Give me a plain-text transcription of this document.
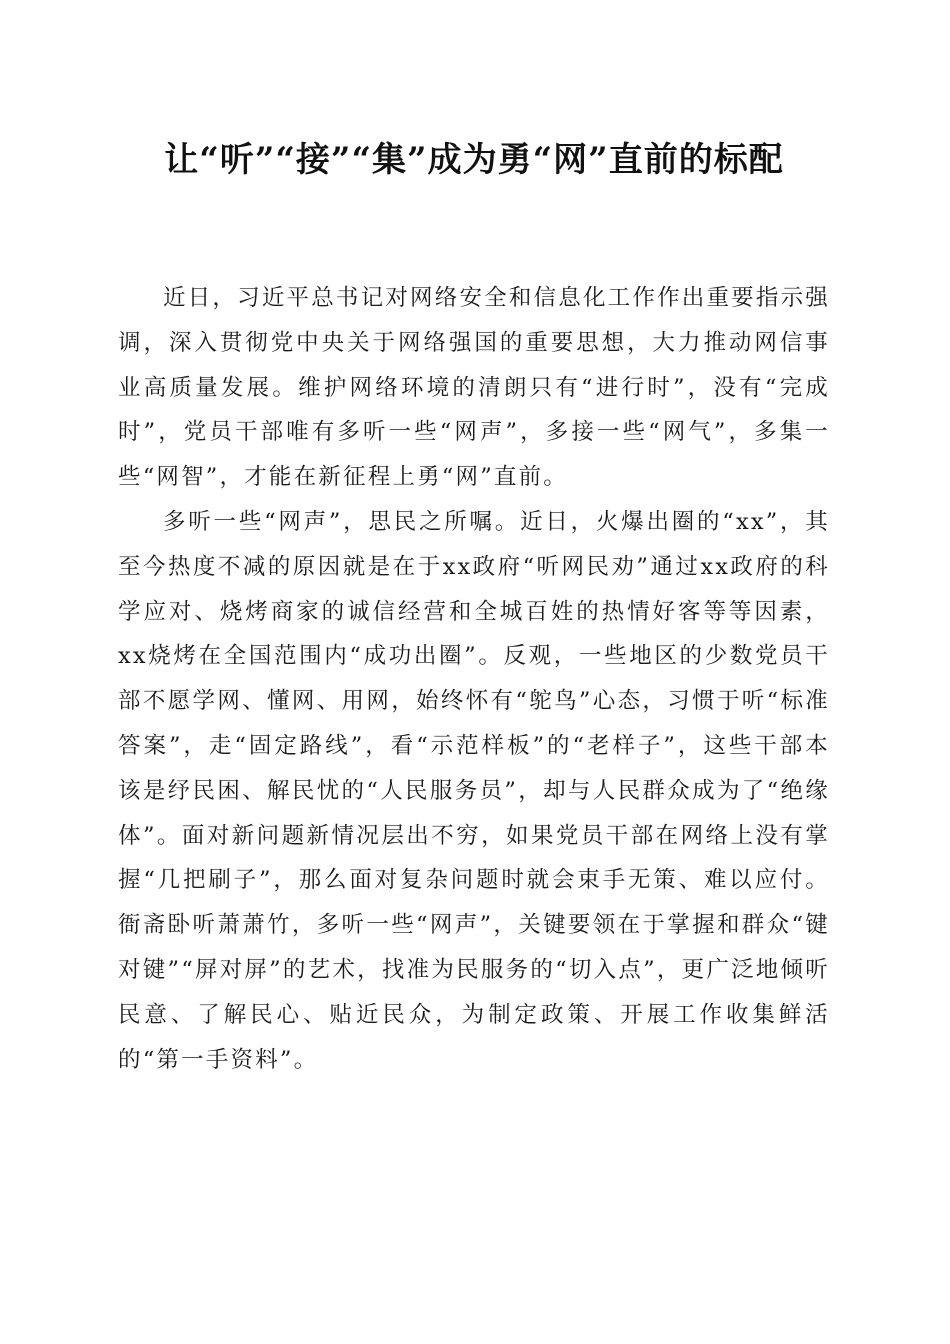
让“听”“接”“集”成为勇“网”直前的标配

近日，习近平总书记对网络安全和信息化工作作出重要指示强调，深入贯彻党中央关于网络强国的重要思想，大力推动网信事业高质量发展。维护网络环境的清朗只有“进行时”，没有“完成时”，党员干部唯有多听一些“网声”，多接一些“网气”，多集一些“网智”，才能在新征程上勇“网”直前。

多听一些“网声”，思民之所嘱。近日，火爆出圈的“xx”，其至今热度不减的原因就是在于xx政府“听网民劝”通过xx政府的科学应对、烧烤商家的诚信经营和全城百姓的热情好客等等因素，xx烧烤在全国范围内“成功出圈”。反观，一些地区的少数党员干部不愿学网、懂网、用网，始终怀有“鸵鸟”心态，习惯于听“标准答案”，走“固定路线”，看“示范样板”的“老样子”，这些干部本该是纾民困、解民忧的“人民服务员”，却与人民群众成为了“绝缘体”。面对新问题新情况层出不穷，如果党员干部在网络上没有掌握“几把刷子”，那么面对复杂问题时就会束手无策、难以应付。衙斋卧听萧萧竹，多听一些“网声”，关键要领在于掌握和群众“键对键”“屏对屏”的艺术，找准为民服务的“切入点”，更广泛地倾听民意、了解民心、贴近民众，为制定政策、开展工作收集鲜活的“第一手资料”。
